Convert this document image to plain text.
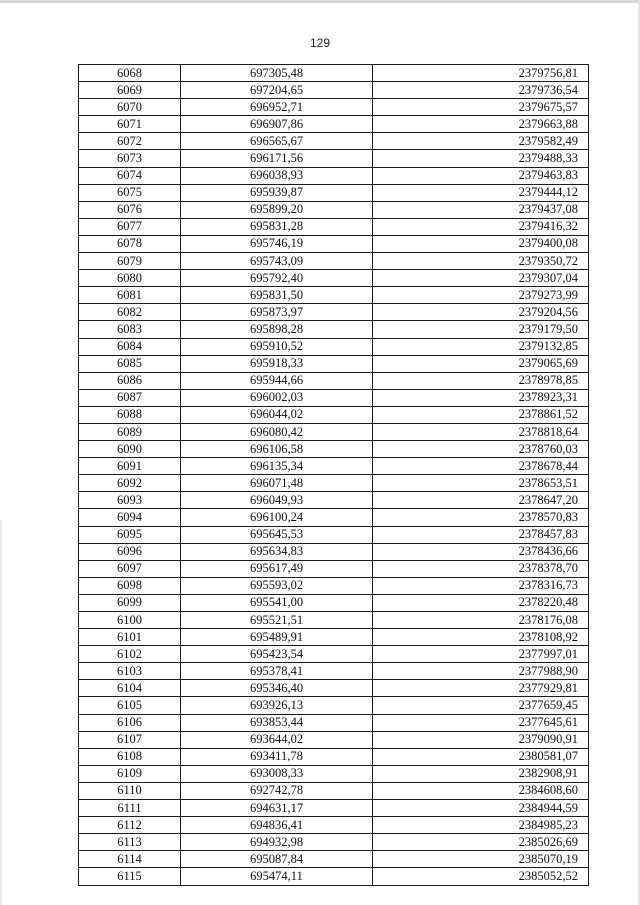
129
6068	697305,48	2379756,81
6069	697204,65	2379736,54
6070	696952,71	2379675,57
6071	696907,86	2379663,88
6072	696565,67	2379582,49
6073	696171,56	2379488,33
6074	696038,93	2379463,83
6075	695939,87	2379444,12
6076	695899,20	2379437,08
6077	695831,28	2379416,32
6078	695746,19	2379400,08
6079	695743,09	2379350,72
6080	695792,40	2379307,04
6081	695831,50	2379273,99
6082	695873,97	2379204,56
6083	695898,28	2379179,50
6084	695910,52	2379132,85
6085	695918,33	2379065,69
6086	695944,66	2378978,85
6087	696002,03	2378923,31
6088	696044,02	2378861,52
6089	696080,42	2378818,64
6090	696106,58	2378760,03
6091	696135,34	2378678,44
6092	696071,48	2378653,51
6093	696049,93	2378647,20
6094	696100,24	2378570,83
6095	695645,53	2378457,83
6096	695634,83	2378436,66
6097	695617,49	2378378,70
6098	695593,02	2378316,73
6099	695541,00	2378220,48
6100	695521,51	2378176,08
6101	695489,91	2378108,92
6102	695423,54	2377997,01
6103	695378,41	2377988,90
6104	695346,40	2377929,81
6105	693926,13	2377659,45
6106	693853,44	2377645,61
6107	693644,02	2379090,91
6108	693411,78	2380581,07
6109	693008,33	2382908,91
6110	692742,78	2384608,60
6111	694631,17	2384944,59
6112	694836,41	2384985,23
6113	694932,98	2385026,69
6114	695087,84	2385070,19
6115	695474,11	2385052,52
